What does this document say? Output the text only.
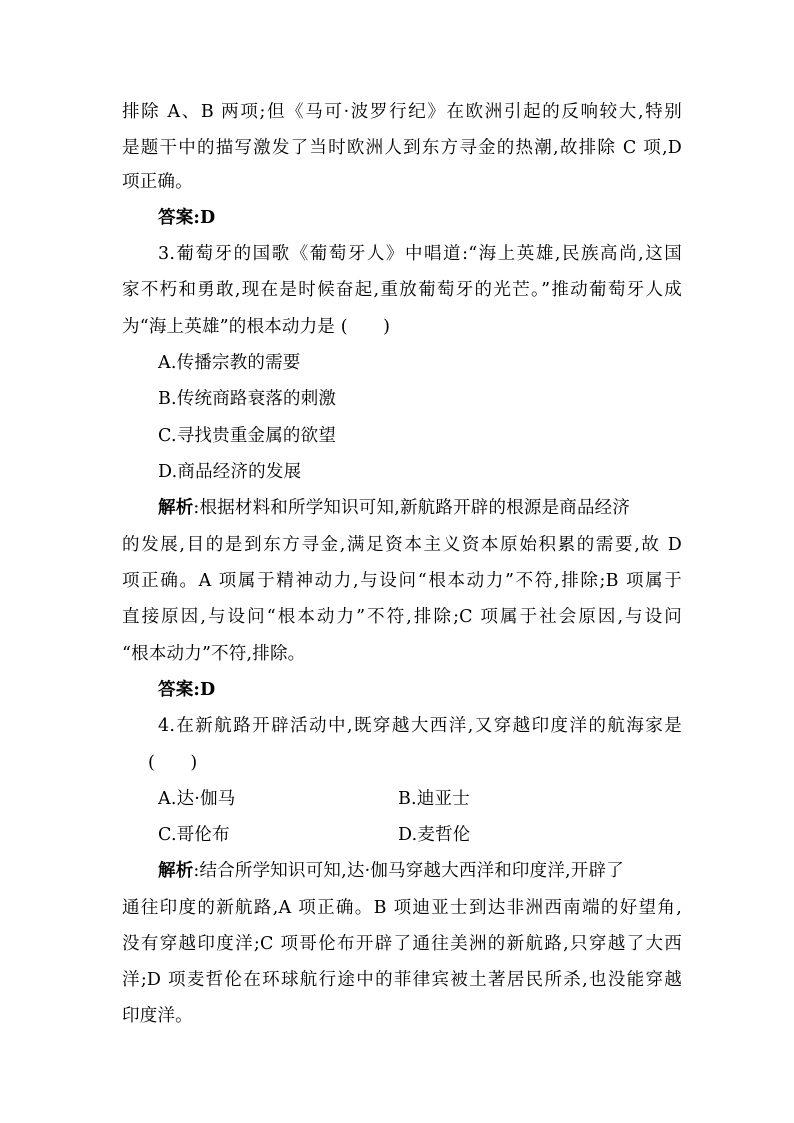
排除 A、B 两项;但《马可·波罗行纪》在欧洲引起的反响较大,特别
是题干中的描写激发了当时欧洲人到东方寻金的热潮,故排除 C 项,D
项正确。
答案:D
3.葡萄牙的国歌《葡萄牙人》中唱道:“海上英雄,民族高尚,这国
家不朽和勇敢,现在是时候奋起,重放葡萄牙的光芒。”推动葡萄牙人成
为“海上英雄”的根本动力是 (　　)
A.传播宗教的需要
B.传统商路衰落的刺激
C.寻找贵重金属的欲望
D.商品经济的发展
解析:根据材料和所学知识可知,新航路开辟的根源是商品经济
的发展,目的是到东方寻金,满足资本主义资本原始积累的需要,故 D
项正确。A 项属于精神动力,与设问“根本动力”不符,排除;B 项属于
直接原因,与设问“根本动力”不符,排除;C 项属于社会原因,与设问
“根本动力”不符,排除。
答案:D
4.在新航路开辟活动中,既穿越大西洋,又穿越印度洋的航海家是
(　　)
A.达·伽马	B.迪亚士
C.哥伦布	D.麦哲伦
解析:结合所学知识可知,达·伽马穿越大西洋和印度洋,开辟了
通往印度的新航路,A 项正确。B 项迪亚士到达非洲西南端的好望角,
没有穿越印度洋;C 项哥伦布开辟了通往美洲的新航路,只穿越了大西
洋;D 项麦哲伦在环球航行途中的菲律宾被土著居民所杀,也没能穿越
印度洋。
